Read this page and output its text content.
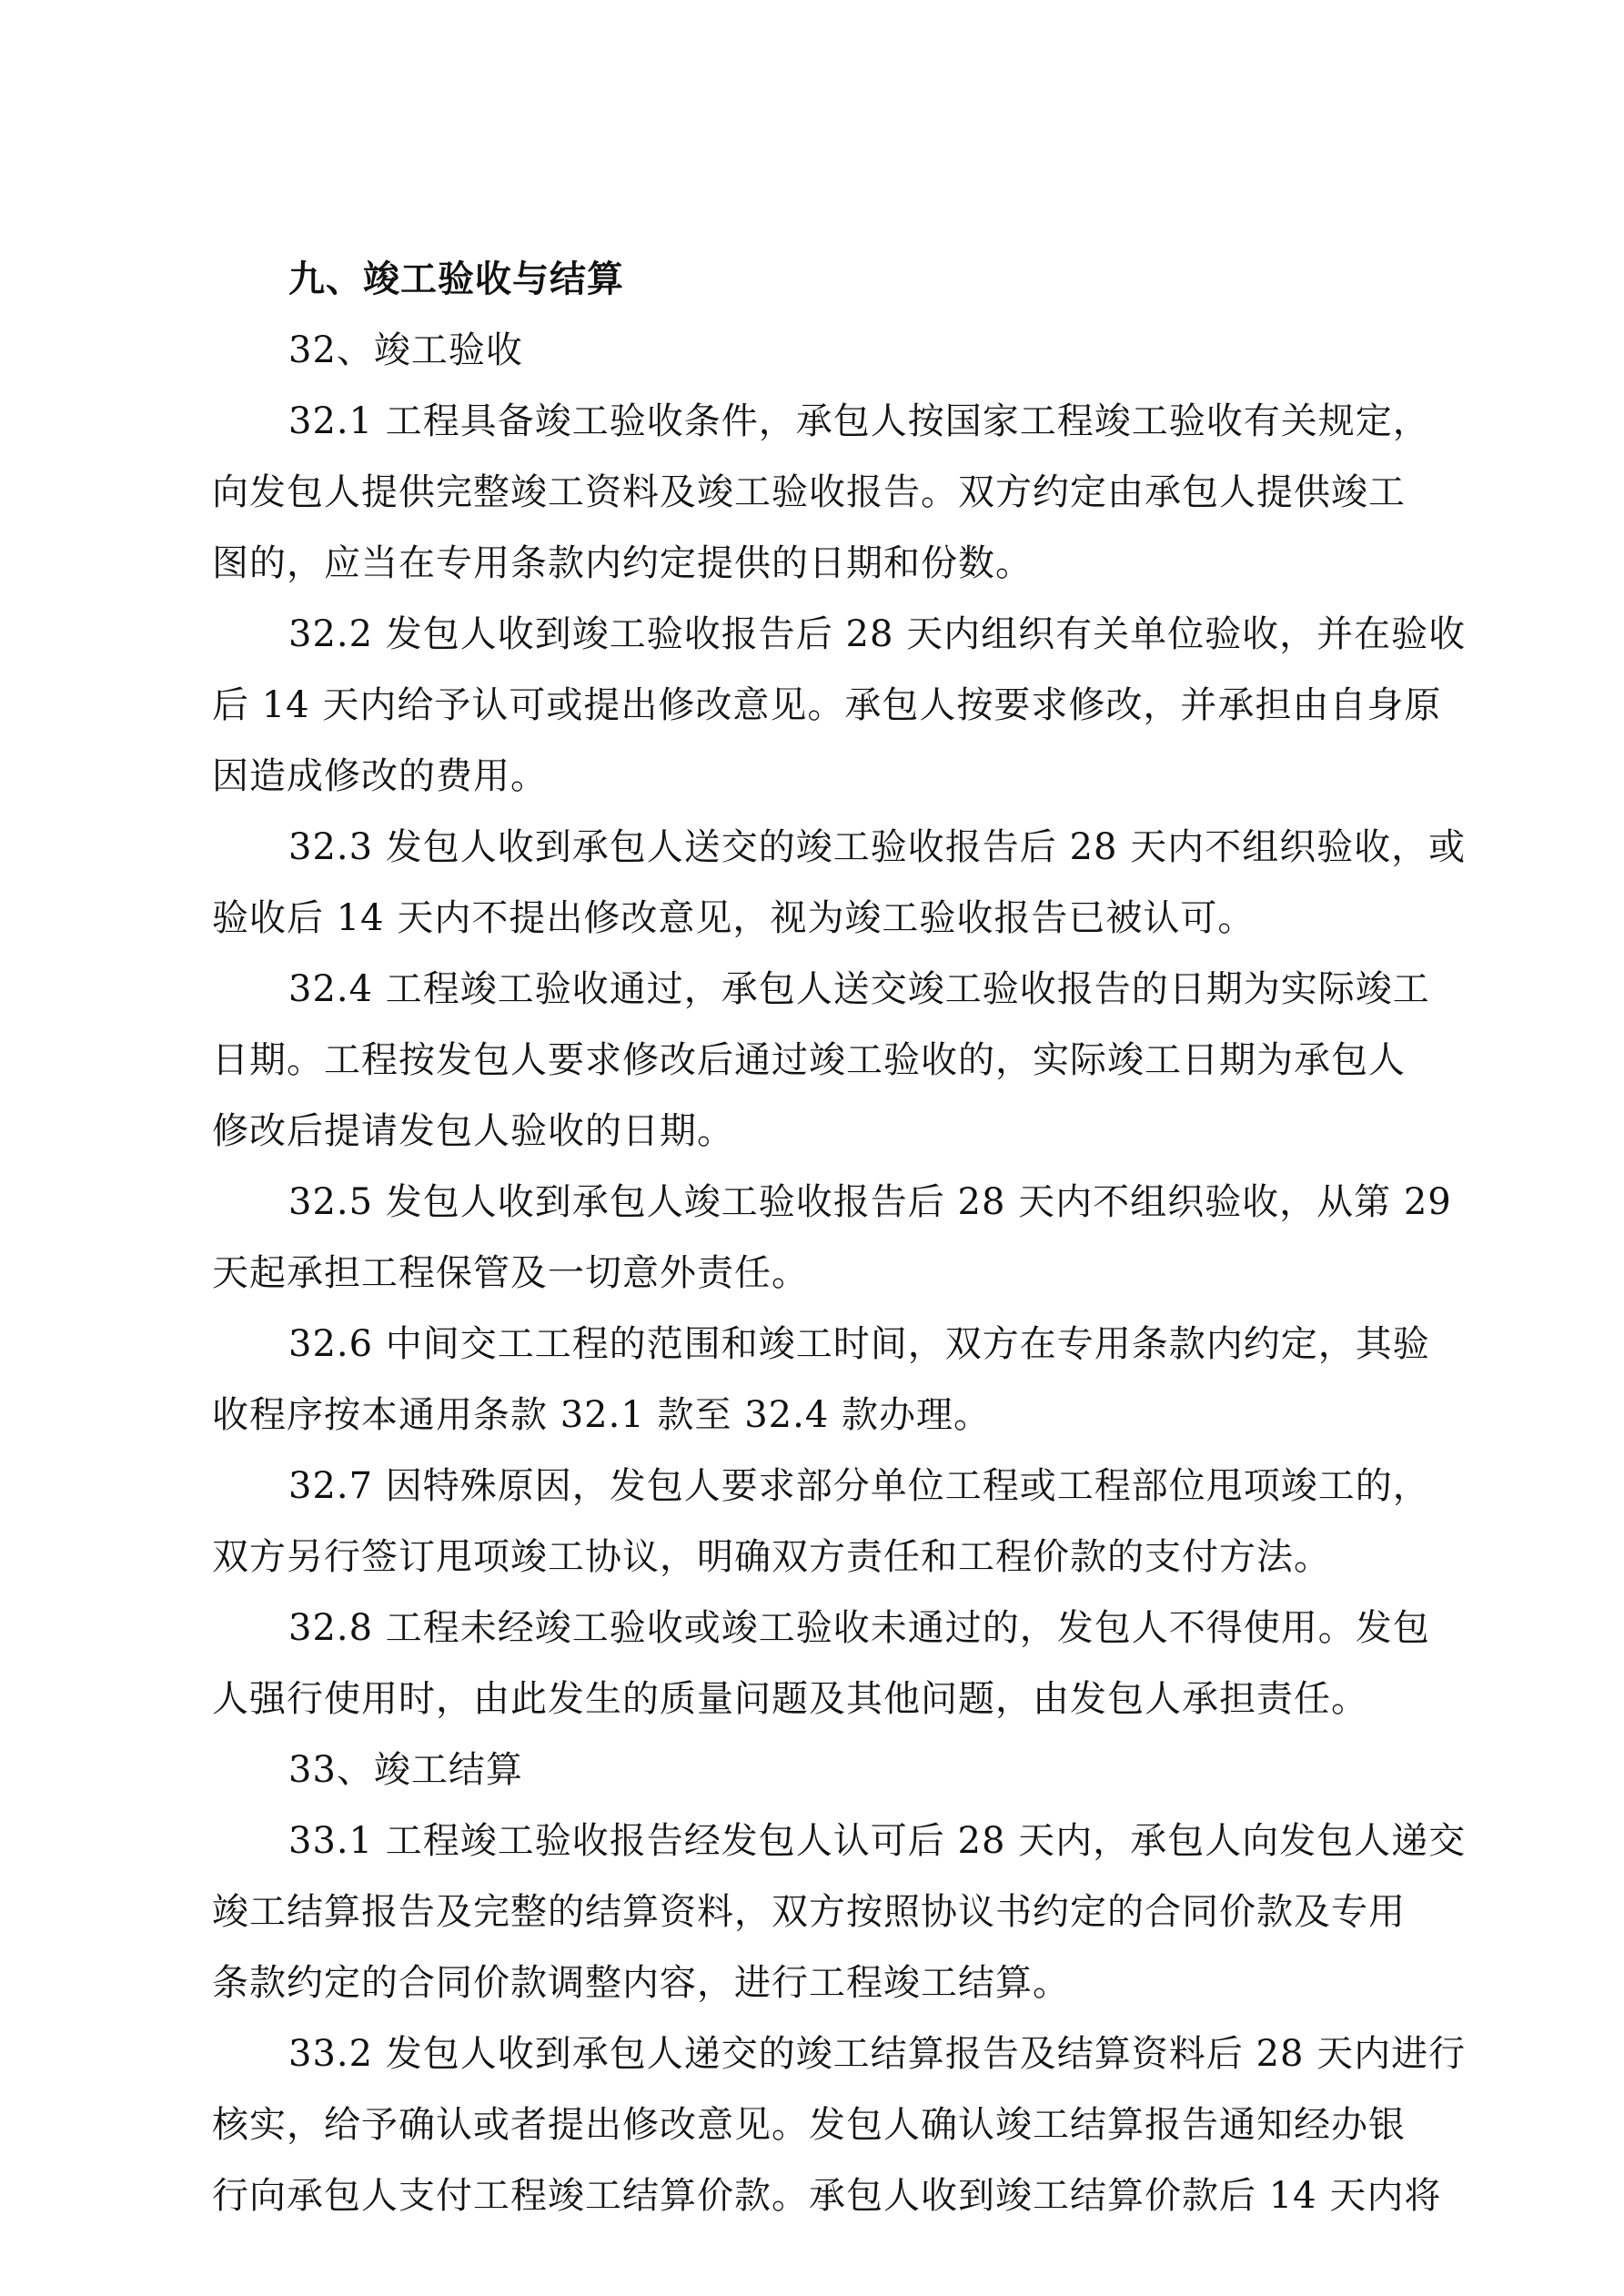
九、竣工验收与结算
32、竣工验收
32.1 工程具备竣工验收条件，承包人按国家工程竣工验收有关规定，
向发包人提供完整竣工资料及竣工验收报告。双方约定由承包人提供竣工
图的，应当在专用条款内约定提供的日期和份数。
32.2 发包人收到竣工验收报告后 28 天内组织有关单位验收，并在验收
后 14 天内给予认可或提出修改意见。承包人按要求修改，并承担由自身原
因造成修改的费用。
32.3 发包人收到承包人送交的竣工验收报告后 28 天内不组织验收，或
验收后 14 天内不提出修改意见，视为竣工验收报告已被认可。
32.4 工程竣工验收通过，承包人送交竣工验收报告的日期为实际竣工
日期。工程按发包人要求修改后通过竣工验收的，实际竣工日期为承包人
修改后提请发包人验收的日期。
32.5 发包人收到承包人竣工验收报告后 28 天内不组织验收，从第 29
天起承担工程保管及一切意外责任。
32.6 中间交工工程的范围和竣工时间，双方在专用条款内约定，其验
收程序按本通用条款 32.1 款至 32.4 款办理。
32.7 因特殊原因，发包人要求部分单位工程或工程部位甩项竣工的，
双方另行签订甩项竣工协议，明确双方责任和工程价款的支付方法。
32.8 工程未经竣工验收或竣工验收未通过的，发包人不得使用。发包
人强行使用时，由此发生的质量问题及其他问题，由发包人承担责任。
33、竣工结算
33.1 工程竣工验收报告经发包人认可后 28 天内，承包人向发包人递交
竣工结算报告及完整的结算资料，双方按照协议书约定的合同价款及专用
条款约定的合同价款调整内容，进行工程竣工结算。
33.2 发包人收到承包人递交的竣工结算报告及结算资料后 28 天内进行
核实，给予确认或者提出修改意见。发包人确认竣工结算报告通知经办银
行向承包人支付工程竣工结算价款。承包人收到竣工结算价款后 14 天内将
